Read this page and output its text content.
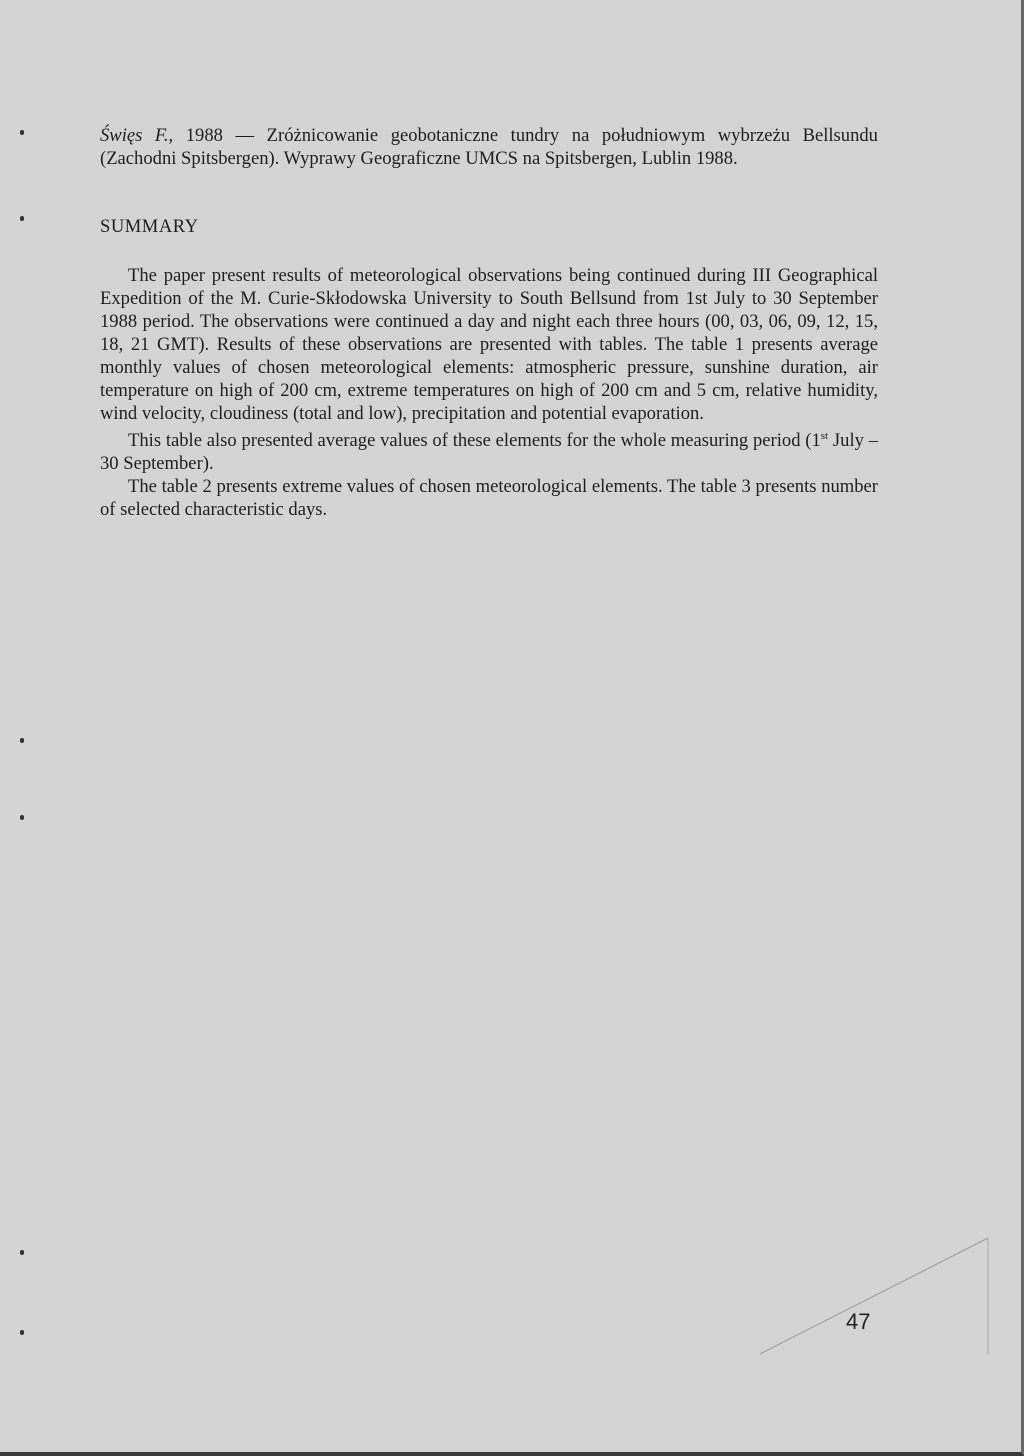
Święs F., 1988 — Zróżnicowanie geobotaniczne tundry na południowym wybrzeżu Bellsundu (Zachodni Spitsbergen). Wyprawy Geograficzne UMCS na Spitsbergen, Lublin 1988.
SUMMARY

The paper present results of meteorological observations being continued during III Geographical Expedition of the M. Curie-Skłodowska University to South Bellsund from 1st July to 30 September 1988 period. The observations were continued a day and night each three hours (00, 03, 06, 09, 12, 15, 18, 21 GMT). Results of these observations are presented with tables. The table 1 presents average monthly values of chosen meteorological elements: atmospheric pressure, sunshine duration, air temperature on high of 200 cm, extreme temperatures on high of 200 cm and 5 cm, relative humidity, wind velocity, cloudiness (total and low), precipitation and potential evaporation.

This table also presented average values of these elements for the whole measuring period (1st July – 30 September).

The table 2 presents extreme values of chosen meteorological elements. The table 3 presents number of selected characteristic days.

47
